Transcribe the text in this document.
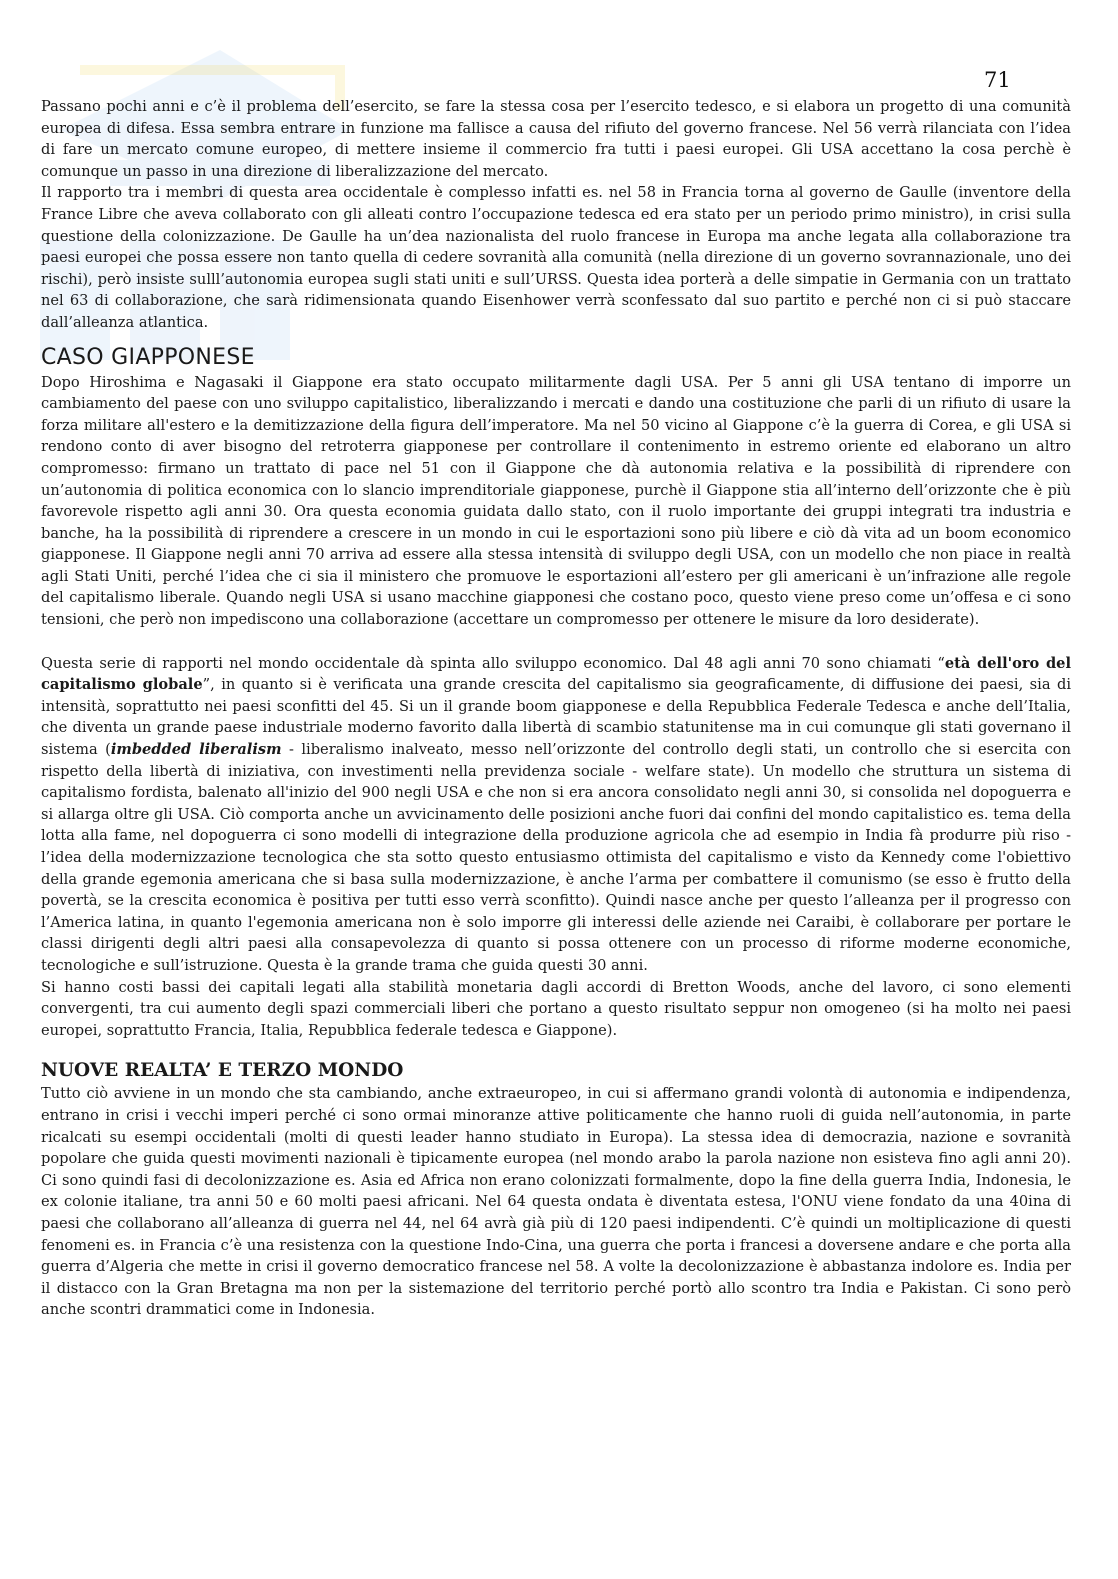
71

Passano pochi anni e c’è il problema dell’esercito, se fare la stessa cosa per l’esercito tedesco, e si elabora un progetto di una comunità europea di difesa. Essa sembra entrare in funzione ma fallisce a causa del rifiuto del governo francese. Nel 56 verrà rilanciata con l’idea di fare un mercato comune europeo, di mettere insieme il commercio fra tutti i paesi europei. Gli USA accettano la cosa perchè è comunque un passo in una direzione di liberalizzazione del mercato.

Il rapporto tra i membri di questa area occidentale è complesso infatti es. nel 58 in Francia torna al governo de Gaulle (inventore della France Libre che aveva collaborato con gli alleati contro l’occupazione tedesca ed era stato per un periodo primo ministro), in crisi sulla questione della colonizzazione. De Gaulle ha un’dea nazionalista del ruolo francese in Europa ma anche legata alla collaborazione tra paesi europei che possa essere non tanto quella di cedere sovranità alla comunità (nella direzione di un governo sovrannazionale, uno dei rischi), però insiste sulll’autonomia europea sugli stati uniti e sull’URSS. Questa idea porterà a delle simpatie in Germania con un trattato nel 63 di collaborazione, che sarà ridimensionata quando Eisenhower verrà sconfessato dal suo partito e perché non ci si può staccare dall’alleanza atlantica.

CASO GIAPPONESE

Dopo Hiroshima e Nagasaki il Giappone era stato occupato militarmente dagli USA. Per 5 anni gli USA tentano di imporre un cambiamento del paese con uno sviluppo capitalistico, liberalizzando i mercati e dando una costituzione che parli di un rifiuto di usare la forza militare all'estero e la demitizzazione della figura dell’imperatore. Ma nel 50 vicino al Giappone c’è la guerra di Corea, e gli USA si rendono conto di aver bisogno del retroterra giapponese per controllare il contenimento in estremo oriente ed elaborano un altro compromesso: firmano un trattato di pace nel 51 con il Giappone che dà autonomia relativa e la possibilità di riprendere con un’autonomia di politica economica con lo slancio imprenditoriale giapponese, purchè il Giappone stia all’interno dell’orizzonte che è più favorevole rispetto agli anni 30. Ora questa economia guidata dallo stato, con il ruolo importante dei gruppi integrati tra industria e banche, ha la possibilità di riprendere a crescere in un mondo in cui le esportazioni sono più libere e ciò dà vita ad un boom economico giapponese. Il Giappone negli anni 70 arriva ad essere alla stessa intensità di sviluppo degli USA, con un modello che non piace in realtà agli Stati Uniti, perché l’idea che ci sia il ministero che promuove le esportazioni all’estero per gli americani è un’infrazione alle regole del capitalismo liberale. Quando negli USA si usano macchine giapponesi che costano poco, questo viene preso come un’offesa e ci sono tensioni, che però non impediscono una collaborazione (accettare un compromesso per ottenere le misure da loro desiderate).

Questa serie di rapporti nel mondo occidentale dà spinta allo sviluppo economico. Dal 48 agli anni 70 sono chiamati “età dell'oro del capitalismo globale”, in quanto si è verificata una grande crescita del capitalismo sia geograficamente, di diffusione dei paesi, sia di intensità, soprattutto nei paesi sconfitti del 45. Si un il grande boom giapponese e della Repubblica Federale Tedesca e anche dell’Italia, che diventa un grande paese industriale moderno favorito dalla libertà di scambio statunitense ma in cui comunque gli stati governano il sistema (imbedded liberalism - liberalismo inalveato, messo nell’orizzonte del controllo degli stati, un controllo che si esercita con rispetto della libertà di iniziativa, con investimenti nella previdenza sociale - welfare state). Un modello che struttura un sistema di capitalismo fordista, balenato all'inizio del 900 negli USA e che non si era ancora consolidato negli anni 30, si consolida nel dopoguerra e si allarga oltre gli USA. Ciò comporta anche un avvicinamento delle posizioni anche fuori dai confini del mondo capitalistico es. tema della lotta alla fame, nel dopoguerra ci sono modelli di integrazione della produzione agricola che ad esempio in India fà produrre più riso - l’idea della modernizzazione tecnologica che sta sotto questo entusiasmo ottimista del capitalismo e visto da Kennedy come l'obiettivo della grande egemonia americana che si basa sulla modernizzazione, è anche l’arma per combattere il comunismo (se esso è frutto della povertà, se la crescita economica è positiva per tutti esso verrà sconfitto). Quindi nasce anche per questo l’alleanza per il progresso con l’America latina, in quanto l'egemonia americana non è solo imporre gli interessi delle aziende nei Caraibi, è collaborare per portare le classi dirigenti degli altri paesi alla consapevolezza di quanto si possa ottenere con un processo di riforme moderne economiche, tecnologiche e sull’istruzione. Questa è la grande trama che guida questi 30 anni.

Si hanno costi bassi dei capitali legati alla stabilità monetaria dagli accordi di Bretton Woods, anche del lavoro, ci sono elementi convergenti, tra cui aumento degli spazi commerciali liberi che portano a questo risultato seppur non omogeneo (si ha molto nei paesi europei, soprattutto Francia, Italia, Repubblica federale tedesca e Giappone).

NUOVE REALTA’ E TERZO MONDO

Tutto ciò avviene in un mondo che sta cambiando, anche extraeuropeo, in cui si affermano grandi volontà di autonomia e indipendenza, entrano in crisi i vecchi imperi perché ci sono ormai minoranze attive politicamente che hanno ruoli di guida nell’autonomia, in parte ricalcati su esempi occidentali (molti di questi leader hanno studiato in Europa). La stessa idea di democrazia, nazione e sovranità popolare che guida questi movimenti nazionali è tipicamente europea (nel mondo arabo la parola nazione non esisteva fino agli anni 20). Ci sono quindi fasi di decolonizzazione es. Asia ed Africa non erano colonizzati formalmente, dopo la fine della guerra India, Indonesia, le ex colonie italiane, tra anni 50 e 60 molti paesi africani. Nel 64 questa ondata è diventata estesa, l'ONU viene fondato da una 40ina di paesi che collaborano all’alleanza di guerra nel 44, nel 64 avrà già più di 120 paesi indipendenti. C’è quindi un moltiplicazione di questi fenomeni es. in Francia c’è una resistenza con la questione Indo-Cina, una guerra che porta i francesi a doversene andare e che porta alla guerra d’Algeria che mette in crisi il governo democratico francese nel 58. A volte la decolonizzazione è abbastanza indolore es. India per il distacco con la Gran Bretagna ma non per la sistemazione del territorio perché portò allo scontro tra India e Pakistan. Ci sono però anche scontri drammatici come in Indonesia.
